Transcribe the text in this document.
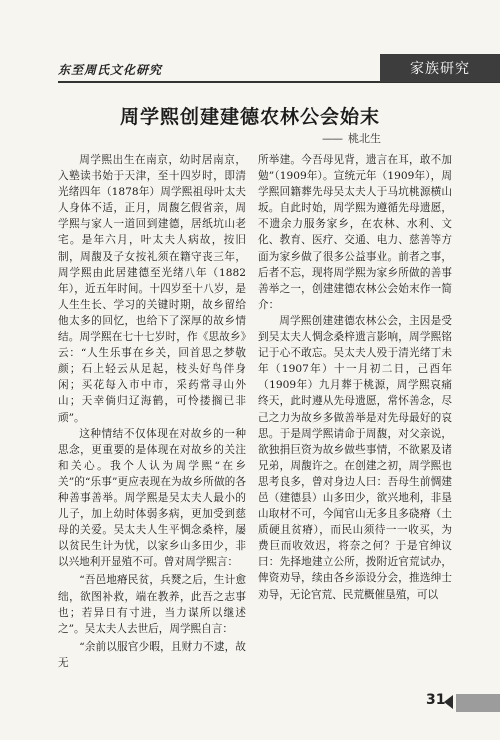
东至周氏文化研究	家族研究
周学熙创建建德农林公会始末
—— 桃北生

周学熙出生在南京，幼时居南京，入塾读书始于天津，至十四岁时，即清光绪四年（1878年）周学熙祖母叶太夫人身体不适，正月，周馥乞假省亲，周学熙与家人一道回到建德，居纸坑山老宅。是年六月，叶太夫人病故，按旧制，周馥及子女按礼须在籍守丧三年，周学熙由此居建德至光绪八年（1882年），近五年时间。十四岁至十八岁，是人生生长、学习的关键时期，故乡留给他太多的回忆，也给下了深厚的故乡情结。周学熙在七十七岁时，作《思故乡》云：“人生乐事在乡关，回首思之梦敬颜；石上轻云从足起，枝头好鸟伴身闲；买花每入市中市，采药常寻山外山；天幸倘归辽海鹤，可怜搂搁已非顽”。

这种情结不仅体现在对故乡的一种思念，更重要的是体现在对故乡的关注和关心。我个人认为周学熙“在乡关”的“乐事”更应表现在为故乡所做的各种善事善举。周学熙是吴太夫人最小的儿子，加上幼时体弱多病，更加受到慈母的关爱。吴太夫人生平惆念桑梓，屡以贫民生计为忧，以家乡山多田少，非以兴地利开显殖不可。曾对周学熙言：

“吾邑地瘠民贫，兵燹之后，生计愈绌，欲图补救，端在教养，此吾之志事也；若异日有寸进，当力谋所以继述之”。吴太夫人去世后，周学熙自言：

“余前以服官少暇，且财力不逮，故无

所举建。今吾母见背，遗言在耳，敢不加勉”（1909年）。宣统元年（1909年），周学熙回籍葬先母吴太夫人于马坑桃源横山坂。自此时始，周学熙为遵循先母遗愿，不遗余力服务家乡，在农林、水利、文化、教育、医疗、交通、电力、慈善等方面为家乡做了很多公益事业。前者之事，后者不忘，现将周学熙为家乡所做的善事善举之一，创建建德农林公会始末作一简介：

周学熙创建建德农林公会，主因是受到吴太夫人惆念桑梓遗言影响，周学熙铭记于心不敢忘。吴太夫人殁于清光绪丁未年（1907年）十一月初二日，己酉年（1909年）九月葬于桃源，周学熙哀痛终天，此时遵从先母遗愿，常怀善念，尽己之力为故乡多做善举是对先母最好的哀思。于是周学熙请命于周馥，对父亲说，欲独捐巨资为故乡做些事情，不欲累及诸兄弟，周馥许之。在创建之初，周学熙也思考良多，曾对身边人曰：吾母生前惆建邑（建德县）山多田少，欲兴地利，非垦山取材不可，今闻官山无多且多硗瘠（土质硬且贫瘠），而民山须待一一收买，为费巨而收效迟，将奈之何？于是官绅议曰：先择地建立公所，拨附近官荒试办，俾资劝导，续由各乡添设分会，推选绅士劝导，无论官荒、民荒概催垦殖，可以

31
